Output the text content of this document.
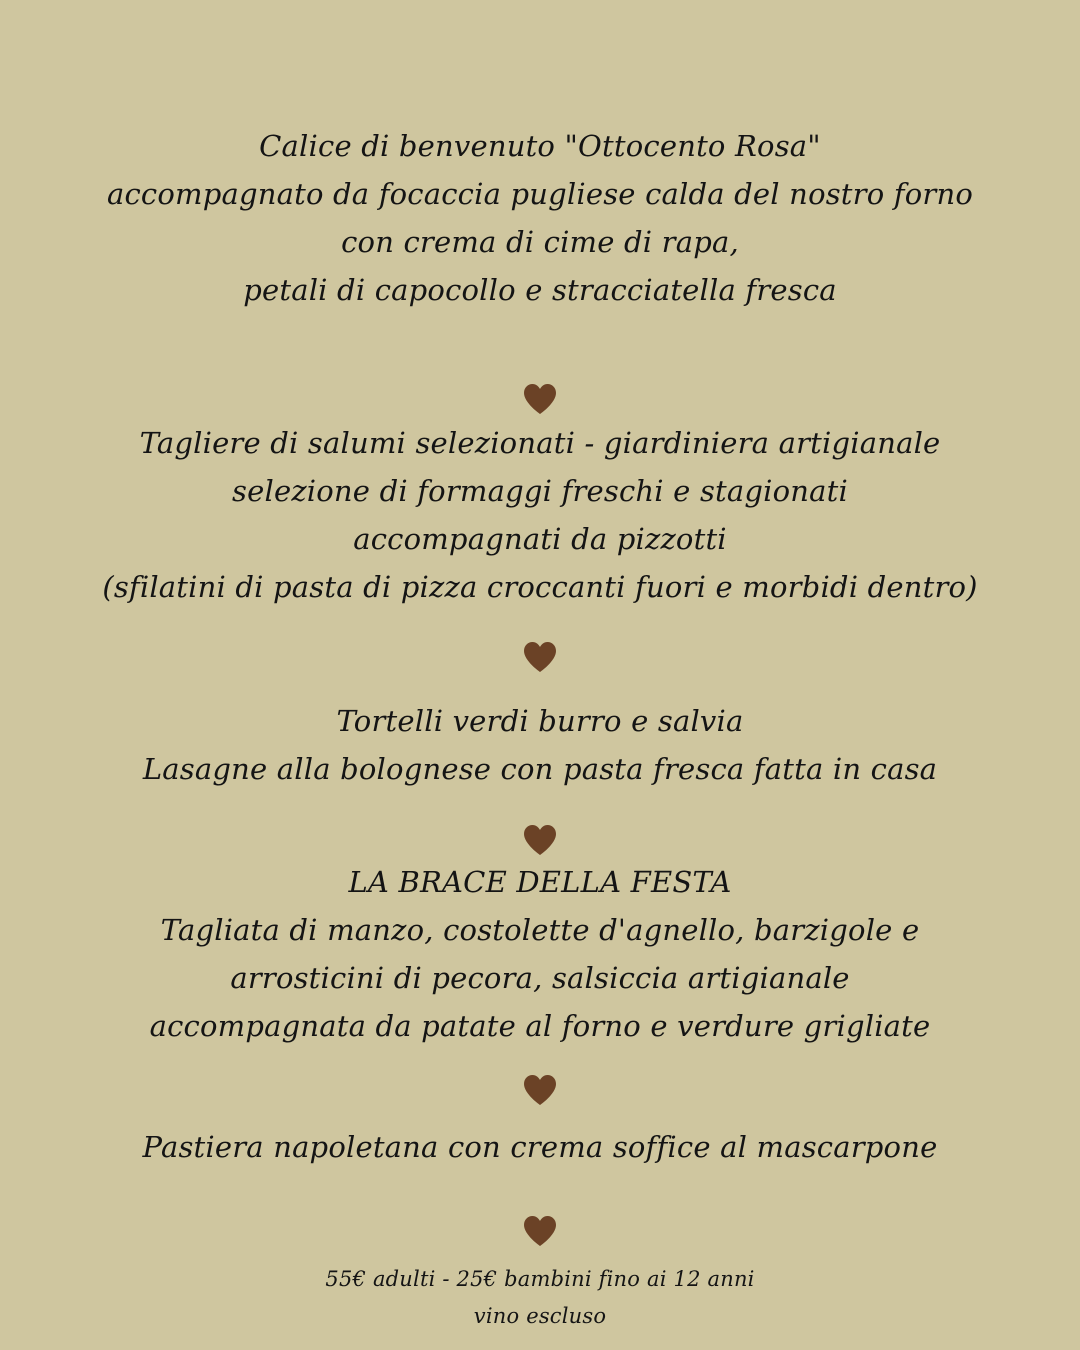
Calice di benvenuto "Ottocento Rosa"
accompagnato da focaccia pugliese calda del nostro forno
con crema di cime di rapa,
petali di capocollo e stracciatella fresca
Tagliere di salumi selezionati - giardiniera artigianale
selezione di formaggi freschi e stagionati
accompagnati da pizzotti
(sfilatini di pasta di pizza croccanti fuori e morbidi dentro)
Tortelli verdi burro e salvia
Lasagne alla bolognese con pasta fresca fatta in casa
LA BRACE DELLA FESTA
Tagliata di manzo, costolette d'agnello, barzigole e
arrosticini di pecora, salsiccia artigianale
accompagnata da patate al forno e verdure grigliate
Pastiera napoletana con crema soffice al mascarpone
55€ adulti - 25€ bambini fino ai 12 anni
vino escluso
